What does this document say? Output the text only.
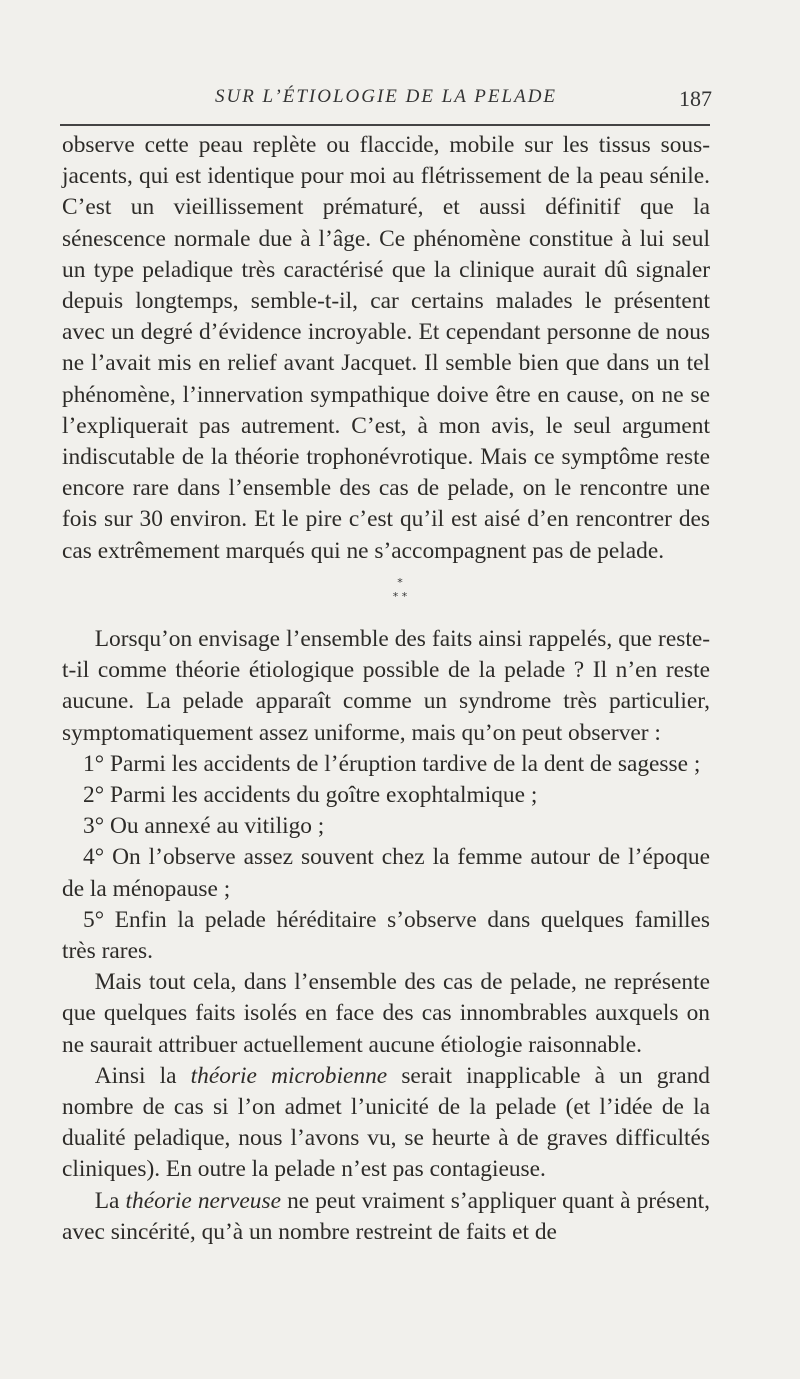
SUR L’ÉTIOLOGIE DE LA PELADE	187

observe cette peau replète ou flaccide, mobile sur les tissus sous-jacents, qui est identique pour moi au flétrissement de la peau sénile. C’est un vieillissement prématuré, et aussi définitif que la sénescence normale due à l’âge. Ce phénomène constitue à lui seul un type peladique très caractérisé que la clinique aurait dû signaler depuis longtemps, semble-t-il, car certains malades le présentent avec un degré d’évidence incroyable. Et cependant personne de nous ne l’avait mis en relief avant Jacquet. Il semble bien que dans un tel phénomène, l’innervation sympathique doive être en cause, on ne se l’expliquerait pas autrement. C’est, à mon avis, le seul argument indiscutable de la théorie trophonévrotique. Mais ce symptôme reste encore rare dans l’ensemble des cas de pelade, on le rencontre une fois sur 30 environ. Et le pire c’est qu’il est aisé d’en rencontrer des cas extrêmement marqués qui ne s’accompagnent pas de pelade.

*
* *

Lorsqu’on envisage l’ensemble des faits ainsi rappelés, que reste-t-il comme théorie étiologique possible de la pelade ? Il n’en reste aucune. La pelade apparaît comme un syndrome très particulier, symptomatiquement assez uniforme, mais qu’on peut observer :

1° Parmi les accidents de l’éruption tardive de la dent de sagesse ;

2° Parmi les accidents du goître exophtalmique ;

3° Ou annexé au vitiligo ;

4° On l’observe assez souvent chez la femme autour de l’époque de la ménopause ;

5° Enfin la pelade héréditaire s’observe dans quelques familles très rares.

Mais tout cela, dans l’ensemble des cas de pelade, ne représente que quelques faits isolés en face des cas innombrables auxquels on ne saurait attribuer actuellement aucune étiologie raisonnable.

Ainsi la théorie microbienne serait inapplicable à un grand nombre de cas si l’on admet l’unicité de la pelade (et l’idée de la dualité peladique, nous l’avons vu, se heurte à de graves difficultés cliniques). En outre la pelade n’est pas contagieuse.

La théorie nerveuse ne peut vraiment s’appliquer quant à présent, avec sincérité, qu’à un nombre restreint de faits et de
